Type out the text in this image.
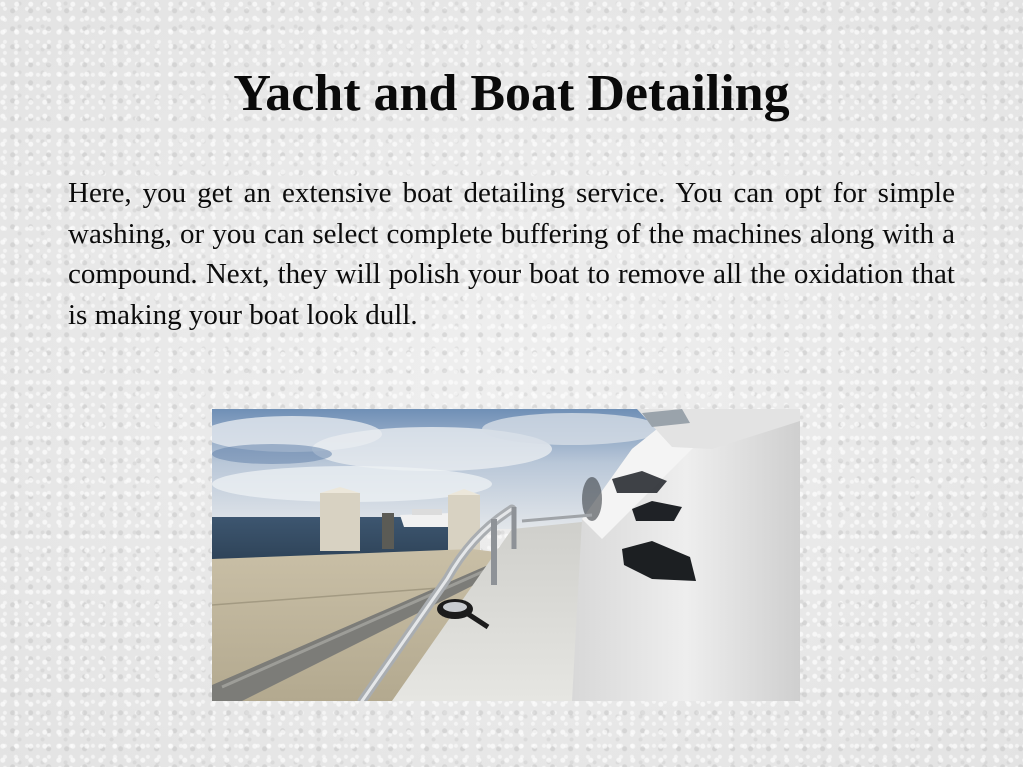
Yacht and Boat Detailing

Here, you get an extensive boat detailing service. You can opt for simple washing, or you can select complete buffering of the machines along with a compound. Next, they will polish your boat to remove all the oxidation that is making your boat look dull.
